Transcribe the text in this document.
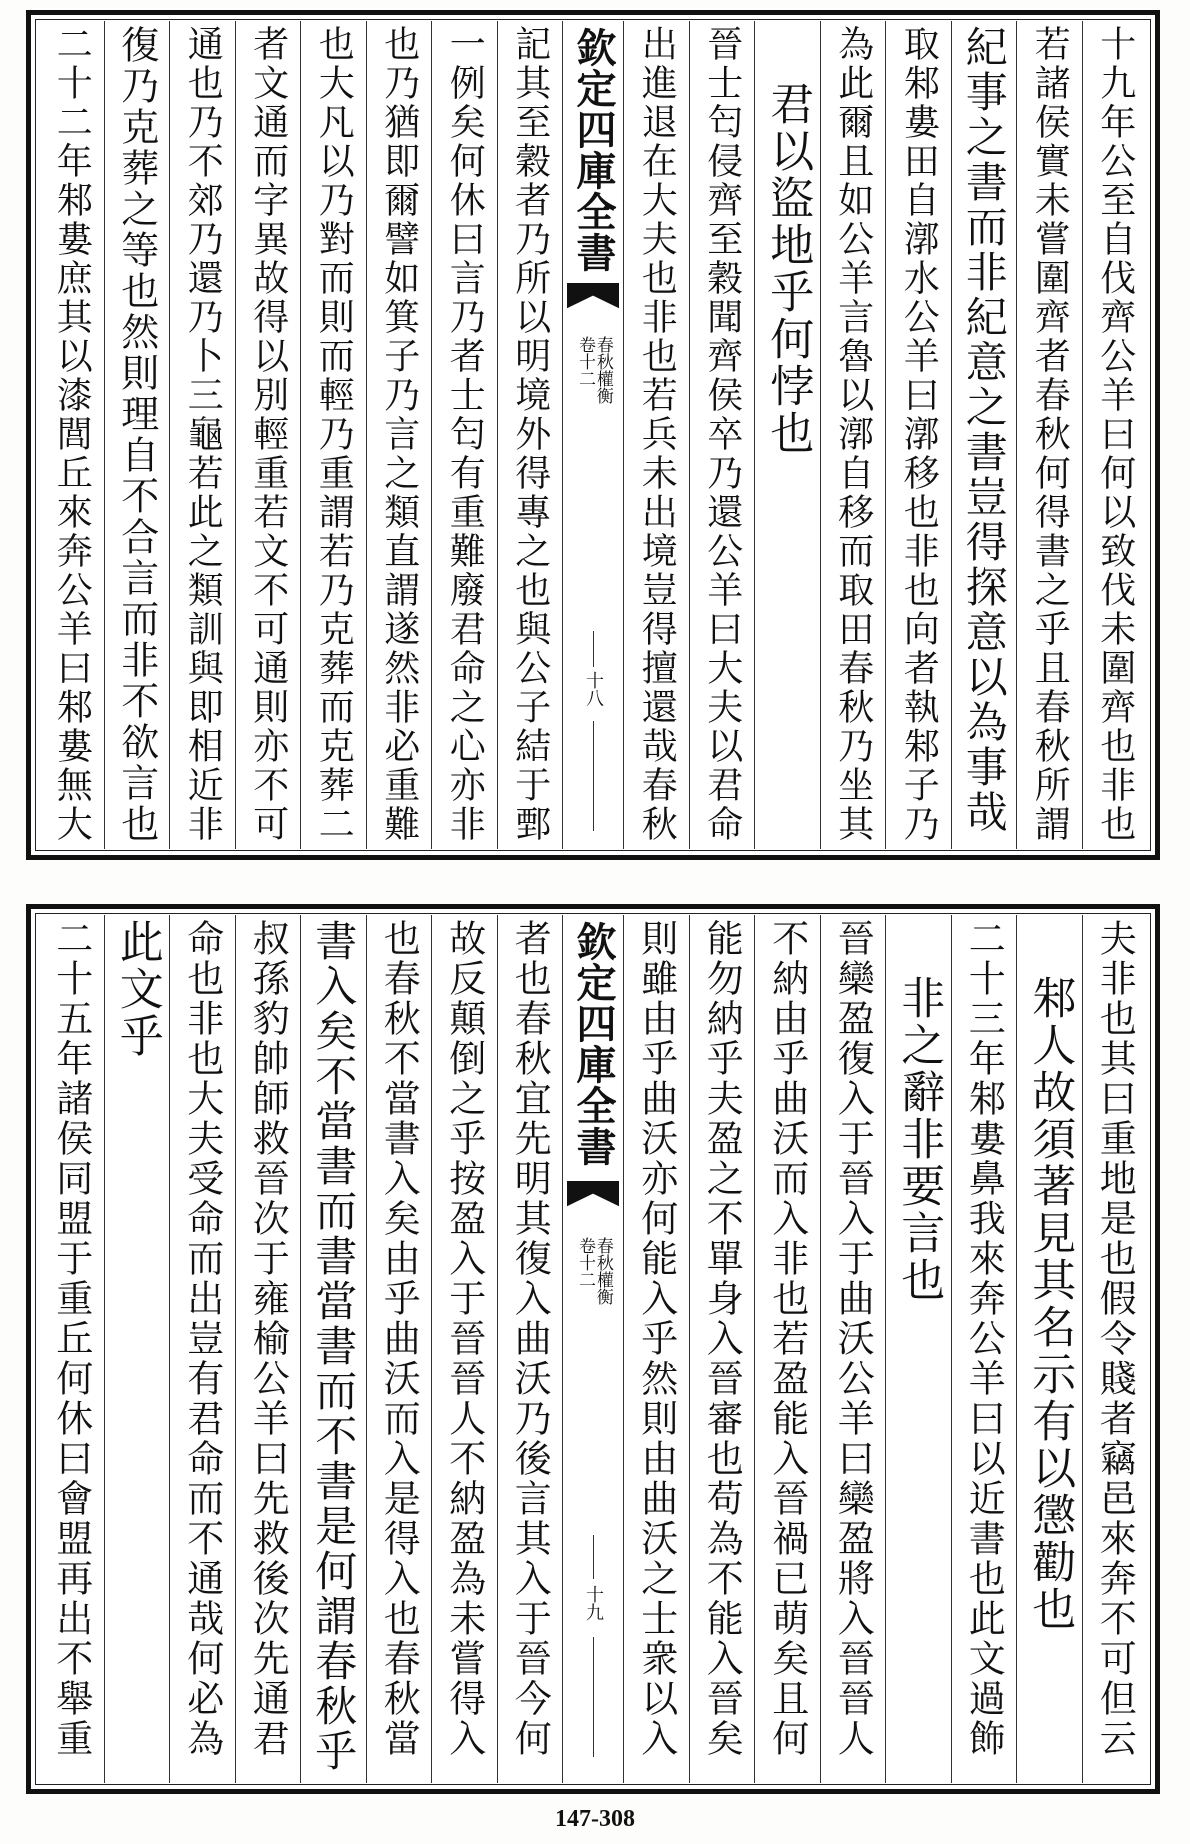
十九年公至自伐齊公羊曰何以致伐未圍齊也非也
若諸侯實未嘗圍齊者春秋何得書之乎且春秋所謂
紀事之書而非紀意之書豈得探意以為事哉
取邾婁田自漷水公羊曰漷移也非也向者執邾子乃
為此爾且如公羊言魯以漷自移而取田春秋乃坐其
君以盜地乎何悖也
晉士匄侵齊至穀聞齊侯卒乃還公羊曰大夫以君命
出進退在大夫也非也若兵未出境豈得擅還哉春秋
欽定四庫全書
春秋權衡
卷十二
十八
記其至穀者乃所以明境外得專之也與公子結于鄄
一例矣何休曰言乃者士匄有重難廢君命之心亦非
也乃猶即爾譬如箕子乃言之類直謂遂然非必重難
也大凡以乃對而則而輕乃重謂若乃克葬而克葬二
者文通而字異故得以別輕重若文不可通則亦不可
通也乃不郊乃還乃卜三龜若此之類訓與即相近非
復乃克葬之等也然則理自不合言而非不欲言也
二十二年邾婁庶其以漆閭丘來奔公羊曰邾婁無大
夫非也其曰重地是也假令賤者竊邑來奔不可但云
邾人故須著見其名示有以懲勸也
二十三年邾婁鼻我來奔公羊曰以近書也此文過飾
非之辭非要言也
晉欒盈復入于晉入于曲沃公羊曰欒盈將入晉晉人
不納由乎曲沃而入非也若盈能入晉禍已萌矣且何
能勿納乎夫盈之不單身入晉審也苟為不能入晉矣
則雖由乎曲沃亦何能入乎然則由曲沃之士衆以入
欽定四庫全書
春秋權衡
卷十二
十九
者也春秋宜先明其復入曲沃乃後言其入于晉今何
故反顛倒之乎按盈入于晉晉人不納盈為未嘗得入
也春秋不當書入矣由乎曲沃而入是得入也春秋當
書入矣不當書而書當書而不書是何謂春秋乎
叔孫豹帥師救晉次于雍榆公羊曰先救後次先通君
命也非也大夫受命而出豈有君命而不通哉何必為
此文乎
二十五年諸侯同盟于重丘何休曰會盟再出不舉重
147-308
